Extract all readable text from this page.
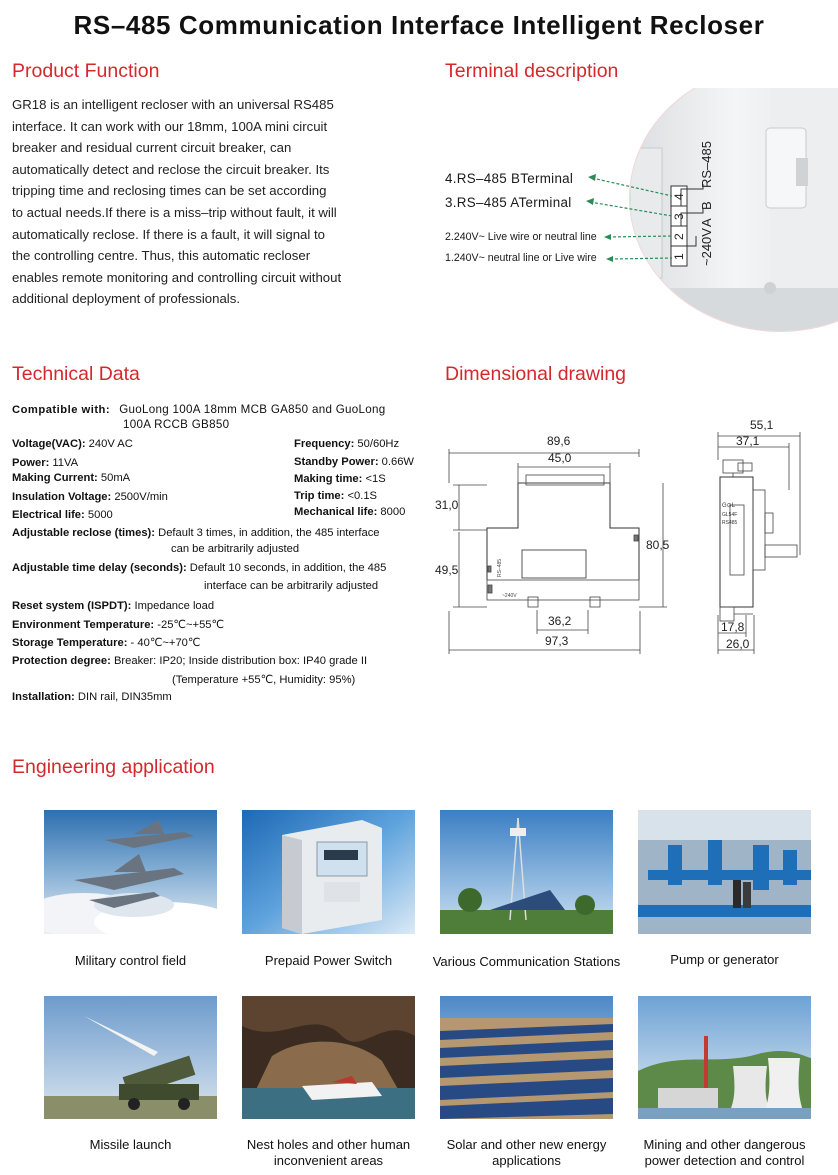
RS–485 Communication Interface Intelligent Recloser
Product Function
GR18 is an intelligent recloser with an universal RS485
interface. It can work with our 18mm, 100A mini circuit
breaker and residual current circuit breaker, can
automatically detect and reclose the circuit breaker. Its
tripping time and reclosing times can be set according
to actual needs.If there is a miss–trip without fault, it will
automatically reclose. If there is a fault, it will signal to
the controlling centre. Thus, this automatic recloser
enables remote monitoring and controlling circuit without
additional deployment of professionals.
Terminal description
4
3
2
1
RS–485
B
A
~240V
4.RS–485 BTerminal
3.RS–485 ATerminal
2.240V~ Live wire or neutral line
1.240V~ neutral line or Live wire
Technical Data
Compatible with: GuoLong 100A 18mm MCB GA850 and GuoLong
100A RCCB GB850
Voltage(VAC): 240V AC
Power: 11VA
Making Current: 50mA
Insulation Voltage: 2500V/min
Electrical life: 5000
Frequency: 50/60Hz
Standby Power: 0.66W
Making time: <1S
Trip time: <0.1S
Mechanical life: 8000
Adjustable reclose (times): Default 3 times, in addition, the 485 interface
can be arbitrarily adjusted
Adjustable time delay (seconds): Default 10 seconds, in addition, the 485
interface can be arbitrarily adjusted
Reset system (ISPDT): Impedance load
Environment Temperature: -25℃~+55℃
Storage Temperature: - 40℃~+70℃
Protection degree: Breaker: IP20; Inside distribution box: IP40 grade II
(Temperature +55℃, Humidity: 95%)
Installation: DIN rail, DIN35mm
Dimensional drawing
RS–485
~240V
G⊙L
GL54F
RS485
89,6
45,0
31,0
80,5
49,5
36,2
97,3
55,1
37,1
17,8
26,0
Engineering application
Military control field	Prepaid Power Switch	Various Communication Stations	Pump or generator
Missile launch	Nest holes and other human inconvenient areas
Solar and other new energy applications
Mining and other dangerous power detection and control
